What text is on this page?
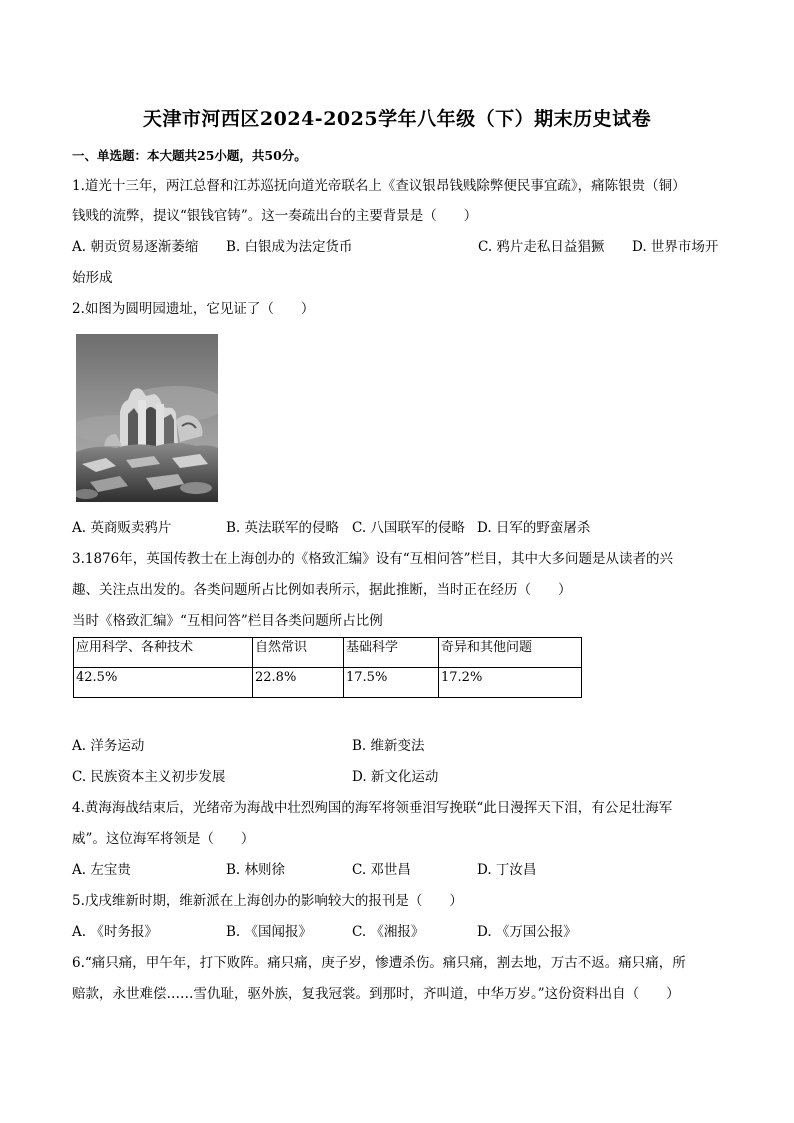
天津市河西区2024-2025学年八年级（下）期末历史试卷
一、单选题：本大题共25小题，共50分。
1.道光十三年，两江总督和江苏巡抚向道光帝联名上《查议银昂钱贱除弊便民事宜疏》，痛陈银贵（铜）
钱贱的流弊，提议“银钱官铸”。这一奏疏出台的主要背景是（　　）
A. 朝贡贸易逐渐萎缩 B. 白银成为法定货币	C. 鸦片走私日益猖獗 D. 世界市场开
始形成
2.如图为圆明园遗址，它见证了（　　）
A. 英商贩卖鸦片	B. 英法联军的侵略 C. 八国联军的侵略 D. 日军的野蛮屠杀
3.1876年，英国传教士在上海创办的《格致汇编》设有“互相问答”栏目，其中大多问题是从读者的兴
趣、关注点出发的。各类问题所占比例如表所示，据此推断，当时正在经历（　　）
当时《格致汇编》“互相问答”栏目各类问题所占比例
应用科学、各种技术	自然常识	基础科学	奇异和其他问题
42.5%	22.8%	17.5%	17.2%
A. 洋务运动	B. 维新变法
C. 民族资本主义初步发展	D. 新文化运动
4.黄海海战结束后，光绪帝为海战中壮烈殉国的海军将领垂泪写挽联“此日漫挥天下泪，有公足壮海军
威”。这位海军将领是（　　）
A. 左宝贵	B. 林则徐	C. 邓世昌	D. 丁汝昌
5.戊戌维新时期，维新派在上海创办的影响较大的报刊是（　　）
A. 《时务报》	B. 《国闻报》	C. 《湘报》	D. 《万国公报》
6.“痛只痛，甲午年，打下败阵。痛只痛，庚子岁，惨遭杀伤。痛只痛，割去地，万古不返。痛只痛，所
赔款，永世难偿……雪仇耻，驱外族，复我冠裳。到那时，齐叫道，中华万岁。”这份资料出自（　　）
